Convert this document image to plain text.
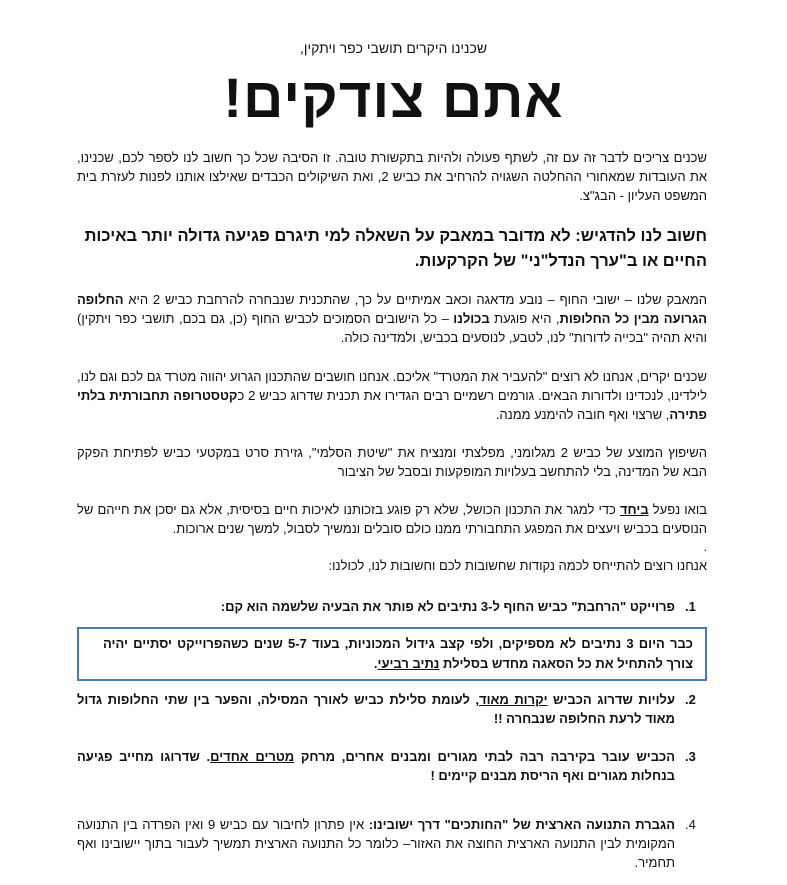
שכנינו היקרים תושבי כפר ויתקין,
אתם צודקים!
שכנים צריכים לדבר זה עם זה, לשתף פעולה ולהיות בתקשורת טובה. זו הסיבה שכל כך חשוב לנו לספר לכם, שכנינו, את העובדות שמאחורי ההחלטה השגויה להרחיב את כביש 2, ואת השיקולים הכבדים שאילצו אותנו לפנות לעזרת בית המשפט העליון - הבג"צ.
חשוב לנו להדגיש: לא מדובר במאבק על השאלה למי תיגרם פגיעה גדולה יותר באיכות החיים או ב"ערך הנדל"ני" של הקרקעות.
המאבק שלנו – ישובי החוף – נובע מדאגה וכאב אמיתיים על כך, שהתכנית שנבחרה להרחבת כביש 2 היא החלופה הגרועה מבין כל החלופות, היא פוגעת בכולנו – כל הישובים הסמוכים לכביש החוף (כן, גם בכם, תושבי כפר ויתקין) והיא תהיה "בכייה לדורות" לנו, לטבע, לנוסעים בכביש, ולמדינה כולה.
שכנים יקרים, אנחנו לא רוצים "להעביר את המטרד" אליכם. אנחנו חושבים שהתכנון הגרוע יהווה מטרד גם לכם וגם לנו, לילדינו, לנכדינו ולדורות הבאים. גורמים רשמיים רבים הגדירו את תכנית שדרוג כביש 2 כקטסטרופה תחבורתית בלתי פתירה, שרצוי ואף חובה להימנע ממנה.
השיפוץ המוצע של כביש 2 מגלומני, מפלצתי ומנציח את "שיטת הסלמי", גזירת סרט במקטעי כביש לפתיחת הפקק הבא של המדינה, בלי להתחשב בעלויות המופקעות ובסבל של הציבור
בואו נפעל ביחד כדי למגר את התכנון הכושל, שלא רק פוגע בזכותנו לאיכות חיים בסיסית, אלא גם יסכן את חייהם של הנוסעים בכביש ויעצים את המפגע התחבורתי ממנו כולם סובלים ונמשיך לסבול, למשך שנים ארוכות.
.
אנחנו רוצים להתייחס לכמה נקודות שחשובות לכם וחשובות לנו, לכולנו:
1.
פרוייקט "הרחבת" כביש החוף ל-3 נתיבים לא פותר את הבעיה שלשמה הוא קם:
כבר היום 3 נתיבים לא מספיקים, ולפי קצב גידול המכוניות, בעוד 5-7 שנים כשהפרוייקט יסתיים יהיה צורך להתחיל את כל הסאגה מחדש בסלילת נתיב רביעי.
2.
עלויות שדרוג הכביש יקרות מאוד, לעומת סלילת כביש לאורך המסילה, והפער בין שתי החלופות גדול מאוד לרעת החלופה שנבחרה !!
3.
הכביש עובר בקירבה רבה לבתי מגורים ומבנים אחרים, מרחק מטרים אחדים. שדרוגו מחייב פגיעה בנחלות מגורים ואף הריסת מבנים קיימים !
4.
הגברת התנועה הארצית של "החותכים" דרך ישובינו: אין פתרון לחיבור עם כביש 9 ואין הפרדה בין התנועה המקומית לבין התנועה הארצית החוצה את האזור– כלומר כל התנועה הארצית תמשיך לעבור בתוך יישובינו ואף תחמיר.
